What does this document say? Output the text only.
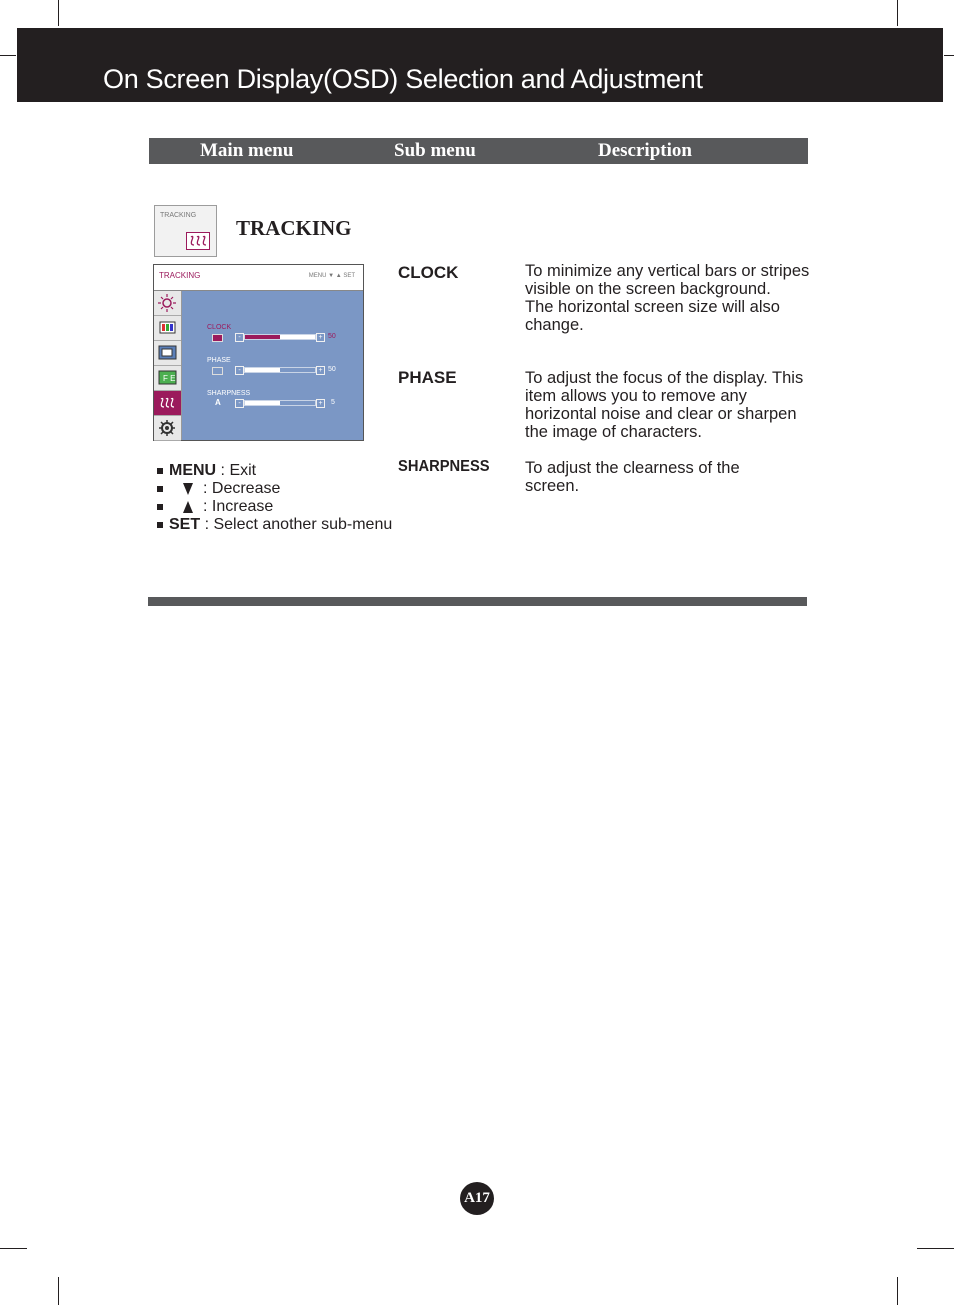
On Screen Display(OSD) Selection and Adjustment
Main menu	Sub menu	Description
TRACKING
TRACKING
TRACKING	MENU ▼ ▲ SET
F E
CLOCK
-	+ 50
PHASE
-	+ 50
SHARPNESS
A	-	+	5
MENU : Exit
: Decrease
: Increase
SET : Select another sub-menu
CLOCK	To minimize any vertical bars or stripes visible on the screen background.
The horizontal screen size will also change.
PHASE	To adjust the focus of the display. This item allows you to remove any horizontal noise and clear or sharpen the image of characters.
SHARPNESS To adjust the clearness of the screen.
A17
